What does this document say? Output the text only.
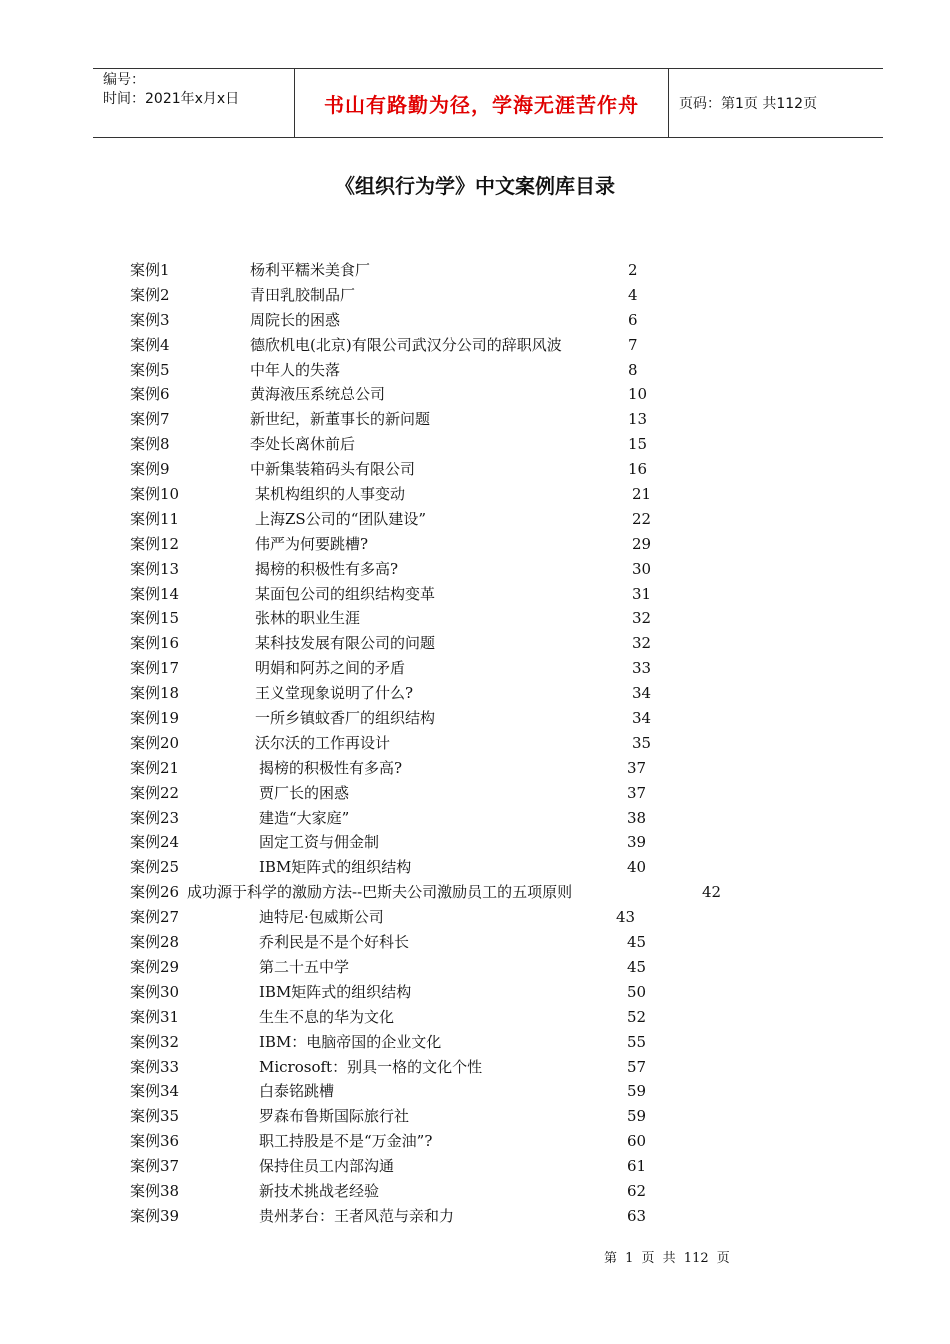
编号：
时间：2021年x月x日	书山有路勤为径，学海无涯苦作舟	页码：第1页 共112页
《组织行为学》中文案例库目录
案例1	杨利平糯米美食厂	2
案例2	青田乳胶制品厂	4
案例3	周院长的困惑	6
案例4	德欣机电(北京)有限公司武汉分公司的辞职风波	7
案例5	中年人的失落	8
案例6	黄海液压系统总公司	10
案例7	新世纪，新董事长的新问题	13
案例8	李处长离休前后	15
案例9	中新集装箱码头有限公司	16
案例10	某机构组织的人事变动	21
案例11	上海ZS公司的“团队建设”	22
案例12	伟严为何要跳槽?	29
案例13	揭榜的积极性有多高?	30
案例14	某面包公司的组织结构变革	31
案例15	张林的职业生涯	32
案例16	某科技发展有限公司的问题	32
案例17	明娟和阿苏之间的矛盾	33
案例18	王义堂现象说明了什么?	34
案例19	一所乡镇蚊香厂的组织结构	34
案例20	沃尔沃的工作再设计	35
案例21	揭榜的积极性有多高?	37
案例22	贾厂长的困惑	37
案例23	建造“大家庭”	38
案例24	固定工资与佣金制	39
案例25	IBM矩阵式的组织结构	40
案例26 成功源于科学的激励方法--巴斯夫公司激励员工的五项原则	42
案例27	迪特尼·包威斯公司	43
案例28	乔利民是不是个好科长	45
案例29	第二十五中学	45
案例30	IBM矩阵式的组织结构	50
案例31	生生不息的华为文化	52
案例32	IBM：电脑帝国的企业文化	55
案例33	Microsoft：别具一格的文化个性	57
案例34	白泰铭跳槽	59
案例35	罗森布鲁斯国际旅行社	59
案例36	职工持股是不是“万金油”?	60
案例37	保持住员工内部沟通	61
案例38	新技术挑战老经验	62
案例39	贵州茅台：王者风范与亲和力	63
第 1 页 共 112 页
